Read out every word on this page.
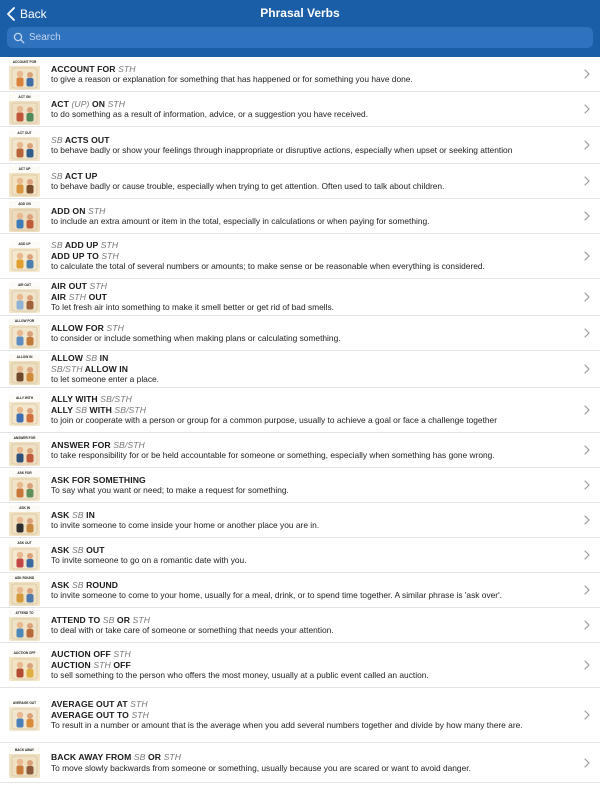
Back	Phrasal Verbs
Search
ACCOUNT FOR
ACCOUNT FOR STH
to give a reason or explanation for something that has happened or for something you have done.
ACT ON
ACT (UP) ON STH
to do something as a result of information, advice, or a suggestion you have received.
ACT OUT
SB ACTS OUT
to behave badly or show your feelings through inappropriate or disruptive actions, especially when upset or seeking attention
ACT UP
SB ACT UP
to behave badly or cause trouble, especially when trying to get attention. Often used to talk about children.
ADD ON
ADD ON STH
to include an extra amount or item in the total, especially in calculations or when paying for something.
ADD UP	SB ADD UP STH
ADD UP TO STH
to calculate the total of several numbers or amounts; to make sense or be reasonable when everything is considered.
AIR OUT	AIR OUT STH
AIR STH OUT
To let fresh air into something to make it smell better or get rid of bad smells.
ALLOW FOR
ALLOW FOR STH
to consider or include something when making plans or calculating something.
ALLOW IN	ALLOW SB IN
SB/STH ALLOW IN
to let someone enter a place.
ALLY WITH	ALLY WITH SB/STH
ALLY SB WITH SB/STH
to join or cooperate with a person or group for a common purpose, usually to achieve a goal or face a challenge together
ANSWER FOR
ANSWER FOR SB/STH
to take responsibility for or be held accountable for someone or something, especially when something has gone wrong.
ASK FOR
ASK FOR SOMETHING
To say what you want or need; to make a request for something.
ASK IN
ASK SB IN
to invite someone to come inside your home or another place you are in.
ASK OUT
ASK SB OUT
To invite someone to go on a romantic date with you.
ASK ROUND
ASK SB ROUND
to invite someone to come to your home, usually for a meal, drink, or to spend time together. A similar phrase is 'ask over'.
ATTEND TO
ATTEND TO SB OR STH
to deal with or take care of someone or something that needs your attention.
AUCTION OFF	AUCTION OFF STH
AUCTION STH OFF
to sell something to the person who offers the most money, usually at a public event called an auction.
AVERAGE OUT	AVERAGE OUT AT STH
AVERAGE OUT TO STH
To result in a number or amount that is the average when you add several numbers together and divide by how many there are.
BACK AWAY
BACK AWAY FROM SB OR STH
To move slowly backwards from someone or something, usually because you are scared or want to avoid danger.
